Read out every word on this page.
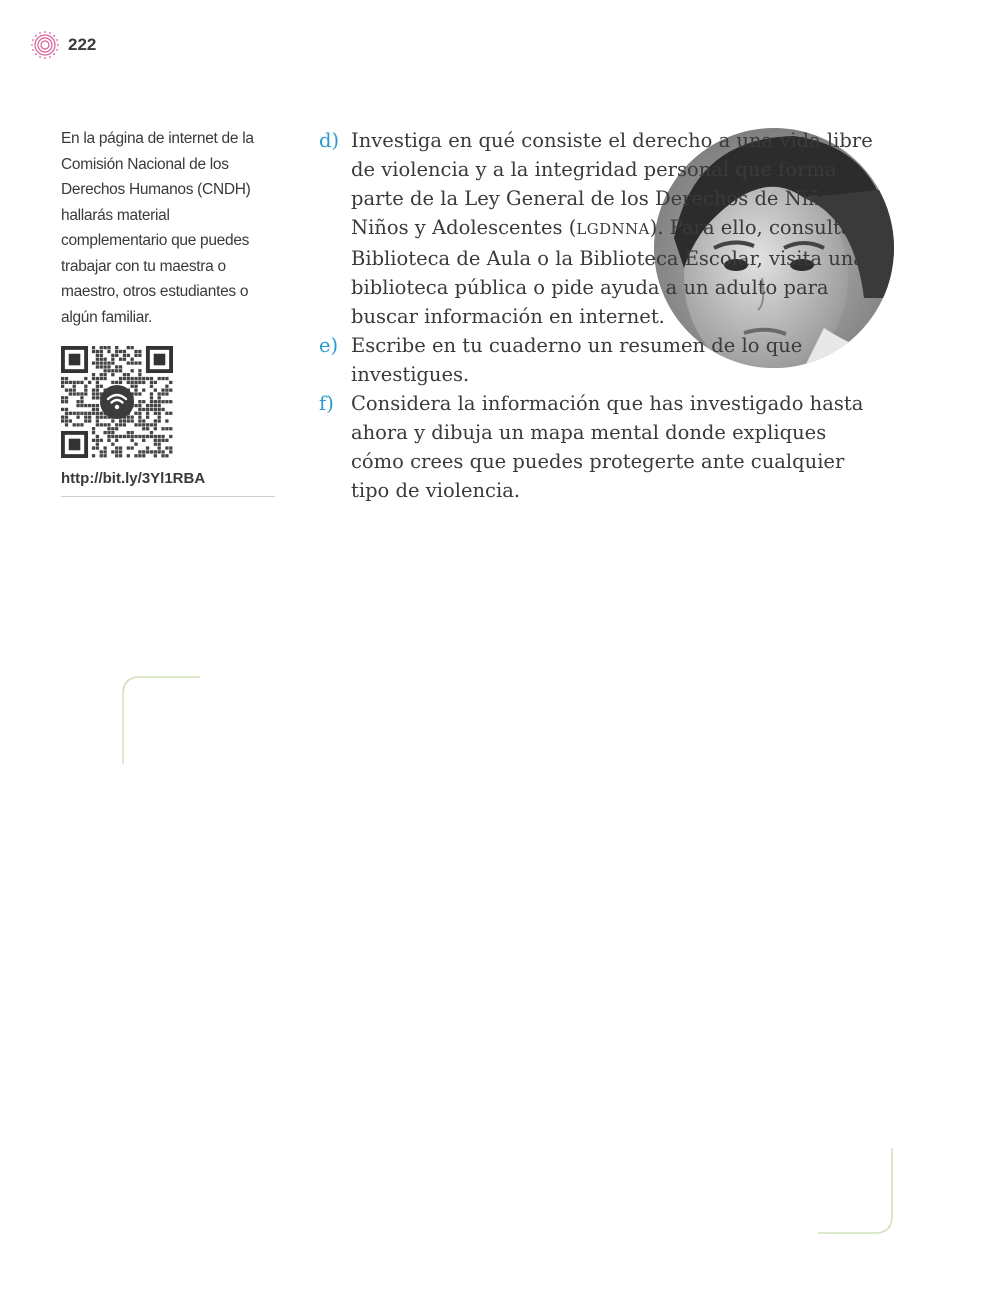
222

En la página de internet de la Comisión Nacional de los Derechos Humanos (CNDH) hallarás material complementario que puedes trabajar con tu maestra o maestro, otros estudiantes o algún familiar.

http://bit.ly/3Yl1RBA

d) Investiga en qué consiste el derecho a una vida libre de violencia y a la integridad personal que forma parte de la Ley General de los Derechos de Niñas, Niños y Adolescentes (LGDNNA). Para ello, consulta la Biblioteca de Aula o la Biblioteca Escolar, visita una biblioteca pública o pide ayuda a un adulto para buscar información en internet.

e) Escribe en tu cuaderno un resumen de lo que investigues.

f) Considera la información que has investigado hasta ahora y dibuja un mapa mental donde expliques cómo crees que puedes protegerte ante cualquier tipo de violencia.
